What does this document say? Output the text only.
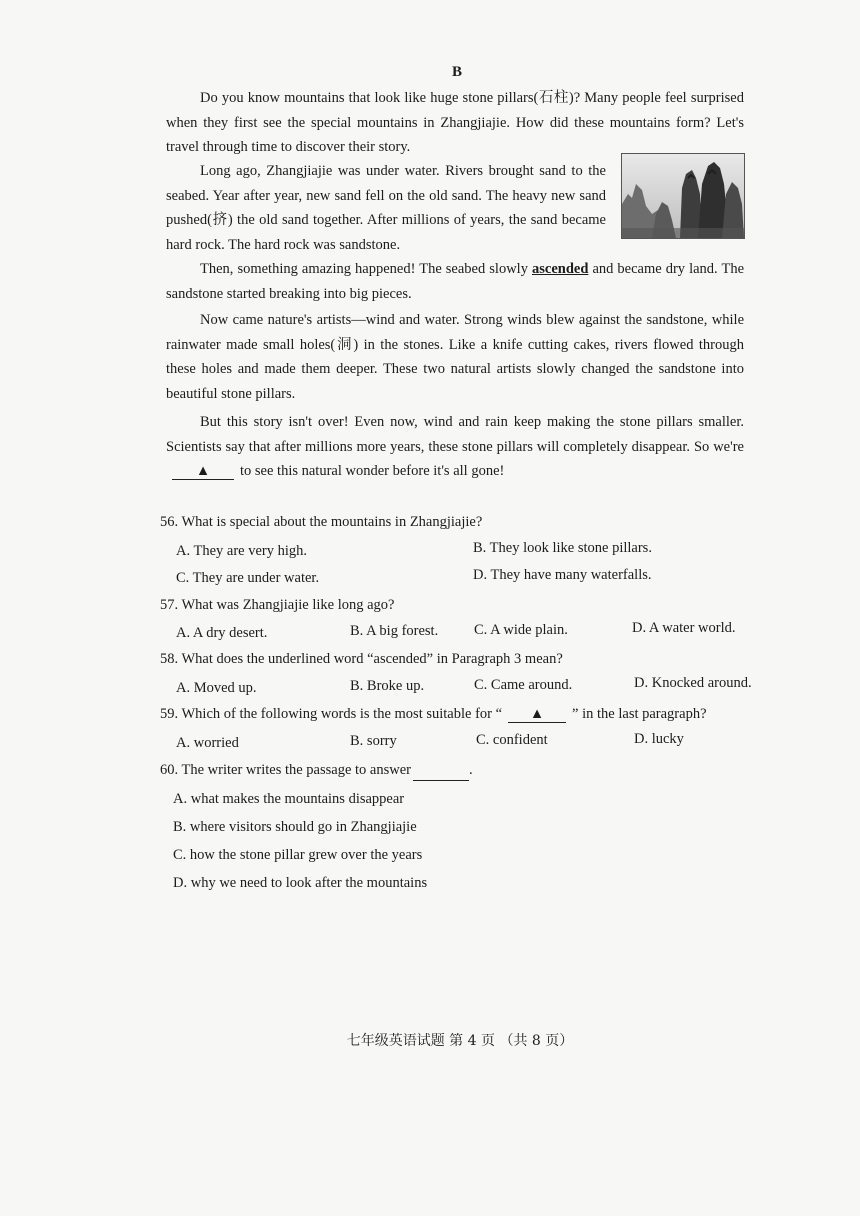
B

Do you know mountains that look like huge stone pillars(石柱)? Many people feel surprised when they first see the special mountains in Zhangjiajie. How did these mountains form? Let's travel through time to discover their story.

Long ago, Zhangjiajie was under water. Rivers brought sand to the seabed. Year after year, new sand fell on the old sand. The heavy new sand pushed(挤) the old sand together. After millions of years, the sand became hard rock. The hard rock was sandstone.

Then, something amazing happened! The seabed slowly ascended and became dry land. The sandstone started breaking into big pieces.

Now came nature's artists—wind and water. Strong winds blew against the sandstone, while rainwater made small holes(洞) in the stones. Like a knife cutting cakes, rivers flowed through these holes and made them deeper. These two natural artists slowly changed the sandstone into beautiful stone pillars.

But this story isn't over! Even now, wind and rain keep making the stone pillars smaller. Scientists say that after millions more years, these stone pillars will completely disappear. So we're▲ to see this natural wonder before it's all gone!

56. What is special about the mountains in Zhangjiajie?
A. They are very high.	B. They look like stone pillars.
C. They are under water.	D. They have many waterfalls.
57. What was Zhangjiajie like long ago?
A. A dry desert.	B. A big forest. C. A wide plain.	D. A water world.
58. What does the underlined word “ascended” in Paragraph 3 mean?
A. Moved up.	B. Broke up.	C. Came around.	D. Knocked around.
59. Which of the following words is the most suitable for “ ▲ ” in the last paragraph?
A. worried	B. sorry	C. confident	D. lucky
60. The writer writes the passage to answer	.
A. what makes the mountains disappear
B. where visitors should go in Zhangjiajie
C. how the stone pillar grew over the years
D. why we need to look after the mountains
七年级英语试题 第 4 页 （共 8 页）
